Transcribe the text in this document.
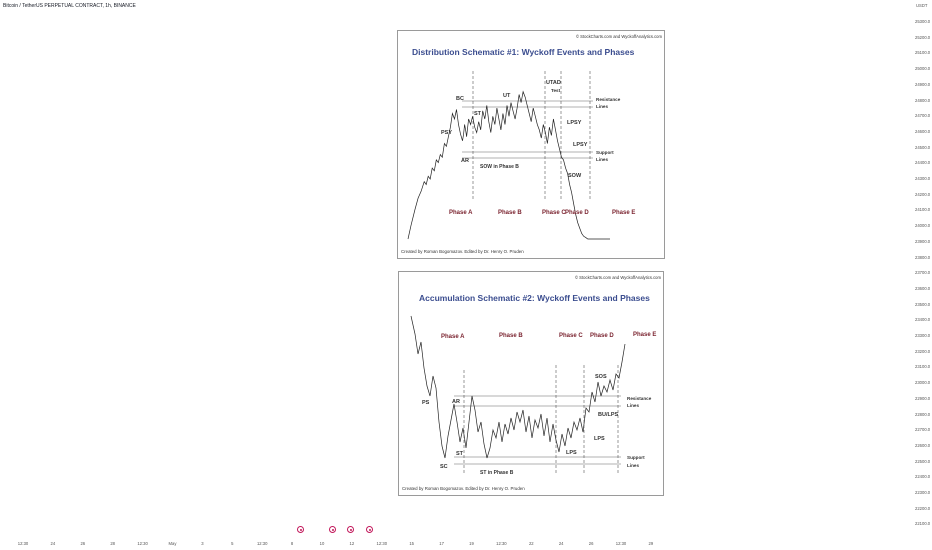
Bitcoin / TetherUS PERPETUAL CONTRACT, 1h, BINANCE	USDT
25300.0
25200.0
25100.0
25000.0
24900.0
24800.0
24700.0
24600.0
24500.0
24400.0
24300.0
24200.0
24100.0
24000.0
23900.0
23800.0
23700.0
23600.0
23500.0
23400.0
23300.0
23200.0
23100.0
23000.0
22900.0
22800.0
22700.0
22600.0
22500.0
22400.0
22300.0
22200.0
22100.0
12:30	24	26	28	12:30	May	3	5	12:30	8	10	12	12:30	15	17	19	12:30	22	24	26	12:30	29
© StockCharts.com and WyckoffAnalytics.com
Distribution Schematic #1: Wyckoff Events and Phases
PSY
BC
AR
ST
UT
SOW in Phase B
UTAD
Test
LPSY
LPSY
SOW
Resistance
Lines
Support
Lines
Phase A	Phase B	Phase C Phase D	Phase E
Created by Roman Bogomazov. Edited by Dr. Henry O. Pruden
© StockCharts.com and WyckoffAnalytics.com
Accumulation Schematic #2: Wyckoff Events and Phases
PS	AR
ST
SC
ST in Phase B
LPS
LPS
BU/LPS
SOS
Resistance
Lines
Support
Lines
Phase A	Phase B	Phase C Phase D	Phase E
Created by Roman Bogomazov. Edited by Dr. Henry O. Pruden
